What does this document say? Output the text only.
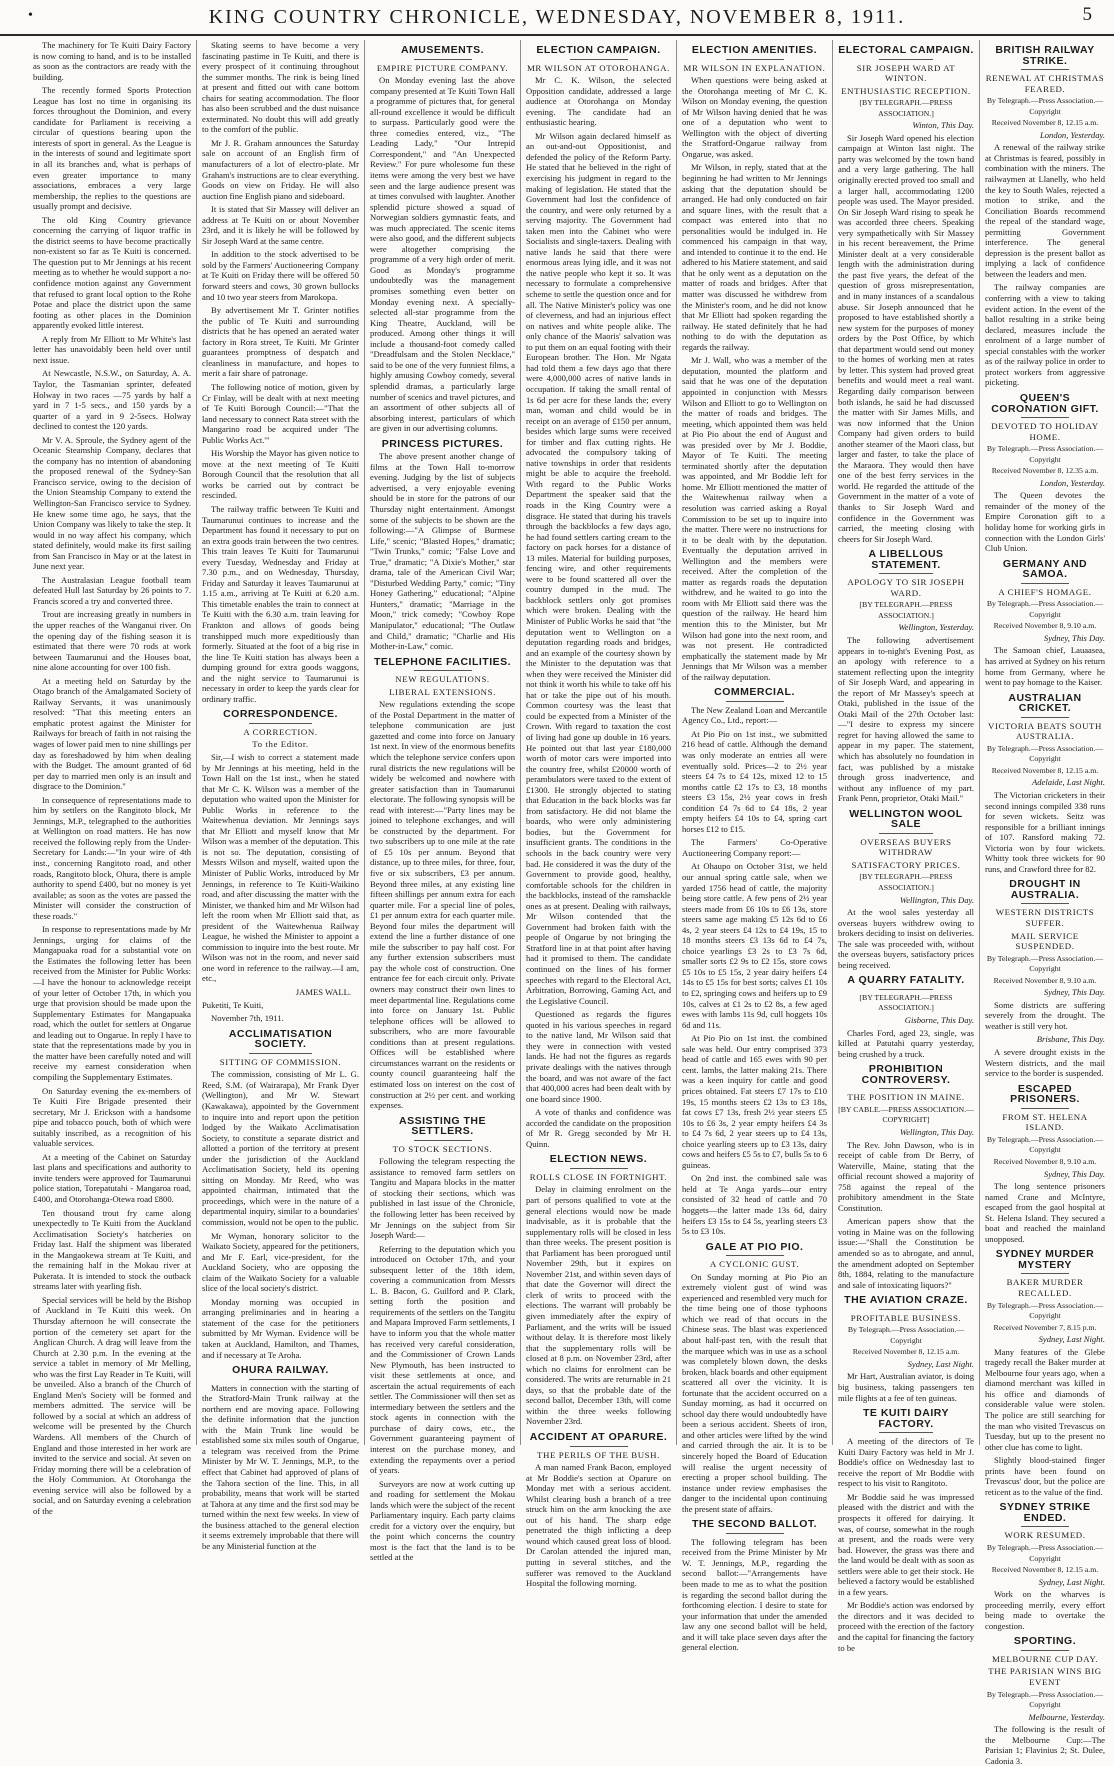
•	KING COUNTRY CHRONICLE, WEDNESDAY, NOVEMBER 8, 1911.	5

The machinery for Te Kuiti Dairy Factory is now coming to hand, and is to be installed as soon as the contractors are ready with the building.

The recently formed Sports Protection League has lost no time in organising its forces throughout the Dominion, and every candidate for Parliament is receiving a circular of questions bearing upon the interests of sport in general. As the League is in the interests of sound and legitimate sport in all its branches and, what is perhaps of even greater importance to many associations, embraces a very large membership, the replies to the questions are usually prompt and decisive.

The old King Country grievance concerning the carrying of liquor traffic in the district seems to have become practically non-existent so far as Te Kuiti is concerned. The question put to Mr Jennings at his recent meeting as to whether he would support a no-confidence motion against any Government that refused to grant local option to the Rohe Potae and place the district upon the same footing as other places in the Dominion apparently evoked little interest.

A reply from Mr Elliott to Mr White's last letter has unavoidably been held over until next issue.

At Newcastle, N.S.W., on Saturday, A. A. Taylor, the Tasmanian sprinter, defeated Holway in two races —75 yards by half a yard in 7 1-5 secs., and 150 yards by a quarter of a yard in 9 2-5secs. Holway declined to contest the 120 yards.

Mr V. A. Sproule, the Sydney agent of the Oceanic Steamship Company, declares that the company has no intention of abandoning the proposed renewal of the Sydney-San Francisco service, owing to the decision of the Union Steamship Company to extend the Wellington-San Francisco service to Sydney. He knew some time ago, he says, that the Union Company was likely to take the step. It would in no way affect his company, which stated definitely, would make its first sailing from San Francisco in May or at the latest in June next year.

The Australasian League football team defeated Hull last Saturday by 26 points to 7. Francis scored a try and converted three.

Trout are increasing greatly in numbers in the upper reaches of the Wanganui river. On the opening day of the fishing season it is estimated that there were 70 rods at work between Taumarunui and the Houses boat, nine alone accounting for over 100 fish.

At a meeting held on Saturday by the Otago branch of the Amalgamated Society of Railway Servants, it was unanimously resolved: "That this meeting enters an emphatic protest against the Minister for Railways for breach of faith in not raising the wages of lower paid men to nine shillings per day as foreshadowed by him when dealing with the Budget. The amount granted of 6d per day to married men only is an insult and disgrace to the Dominion."

In consequence of representations made to him by settlers on the Rangitoto block, Mr Jennings, M.P., telegraphed to the authorities at Wellington on road matters. He has now received the following reply from the Under-Secretary for Lands:—"In your wire of 4th inst., concerning Rangitoto road, and other roads, Rangitoto block, Ohura, there is ample authority to spend £400, but no money is yet available; as soon as the votes are passed the Minister will consider the construction of these roads."

In response to representations made by Mr Jennings, urging for claims of the Mangapuaka road for a substantial vote on the Estimates the following letter has been received from the Minister for Public Works:—I have the honour to acknowledge receipt of your letter of October 17th, in which you urge that provision should be made upon the Supplementary Estimates for Mangapuaka road, which the outlet for settlers at Ongarue and leading out to Ongarue. In reply I have to state that the representations made by you in the matter have been carefully noted and will receive my earnest consideration when compiling the Supplementary Estimates.

On Saturday evening the ex-members of Te Kuiti Fire Brigade presented their secretary, Mr J. Erickson with a handsome pipe and tobacco pouch, both of which were suitably inscribed, as a recognition of his valuable services.

At a meeting of the Cabinet on Saturday last plans and specifications and authority to invite tenders were approved for Taumarunui police station, Torepatutahi - Mangaroa road, £400, and Otorohanga-Otewa road £800.

Ten thousand trout fry came along unexpectedly to Te Kuiti from the Auckland Acclimatisation Society's hatcheries on Friday last. Half the shipment was liberated in the Mangaokewa stream at Te Kuiti, and the remaining half in the Mokau river at Pukerata. It is intended to stock the outback streams later with yearling fish.

Special services will be held by the Bishop of Auckland in Te Kuiti this week. On Thursday afternoon he will consecrate the portion of the cemetery set apart for the Anglican Church. A drag will leave from the Church at 2.30 p.m. In the evening at the service a tablet in memory of Mr Melling, who was the first Lay Reader in Te Kuiti, will be unveiled. Also a branch of the Church of England Men's Society will be formed and members admitted. The service will be followed by a social at which an address of welcome will be presented by the Church Wardens. All members of the Church of England and those interested in her work are invited to the service and social. At seven on Friday morning there will be a celebration of the Holy Communion. At Otorohanga the evening service will also be followed by a social, and on Saturday evening a celebration of the

Skating seems to have become a very fascinating pastime in Te Kuiti, and there is every prospect of it continuing throughout the summer months. The rink is being lined at present and fitted out with cane bottom chairs for seating accommodation. The floor has also been scrubbed and the dust nuisance exterminated. No doubt this will add greatly to the comfort of the public.

Mr J. R. Graham announces the Saturday sale on account of an English firm of manufacturers of a lot of electro-plate. Mr Graham's instructions are to clear everything. Goods on view on Friday. He will also auction fine English piano and sideboard.

It is stated that Sir Massey will deliver an address at Te Kuiti on or about November 23rd, and it is likely he will be followed by Sir Joseph Ward at the same centre.

In addition to the stock advertised to be sold by the Farmers' Auctioneering Company at Te Kuiti on Friday there will be offered 50 forward steers and cows, 30 grown bullocks and 10 two year steers from Marokopa.

By advertisement Mr T. Grinter notifies the public of Te Kuiti and surrounding districts that he has opened an aerated water factory in Rora street, Te Kuiti. Mr Grinter guarantees promptness of despatch and cleanliness in manufacture, and hopes to merit a fair share of patronage.

The following notice of motion, given by Cr Finlay, will be dealt with at next meeting of Te Kuiti Borough Council:—"That the land necessary to connect Rata street with the Mangarino road be acquired under 'The Public Works Act.'"

His Worship the Mayor has given notice to move at the next meeting of Te Kuiti Borough Council that the resolution that all works be carried out by contract be rescinded.

The railway traffic between Te Kuiti and Taumarunui continues to increase and the Department has found it necessary to put on an extra goods train between the two centres. This train leaves Te Kuiti for Taumarunui every Tuesday, Wednesday and Friday at 7.30 p.m., and on Wednesday, Thursday, Friday and Saturday it leaves Taumarunui at 1.15 a.m., arriving at Te Kuiti at 6.20 a.m. This timetable enables the train to connect at Te Kuiti with the 6.30 a.m. train leaving for Frankton and allows of goods being transhipped much more expeditiously than formerly. Situated at the foot of a big rise in the line Te Kuiti station has always been a dumping ground for extra goods waggons, and the night service to Taumarunui is necessary in order to keep the yards clear for ordinary traffic.

CORRESPONDENCE.
A CORRECTION.
To the Editor.

Sir,—I wish to correct a statement made by Mr Jennings at his meeting, held in the Town Hall on the 1st inst., when he stated that Mr C. K. Wilson was a member of the deputation who waited upon the Minister for Public Works in reference to the Waitewhenua deviation. Mr Jennings says that Mr Elliott and myself know that Mr Wilson was a member of the deputation. This is not so. The deputation, consisting of Messrs Wilson and myself, waited upon the Minister of Public Works, introduced by Mr Jennings, in reference to Te Kuiti-Waikino road, and after discussing the matter with the Minister, we thanked him and Mr Wilson had left the room when Mr Elliott said that, as president of the Waitewhenua Railway League, he wished the Minister to appoint a commission to inquire into the best route. Mr Wilson was not in the room, and never said one word in reference to the railway.—I am, etc.,

JAMES WALL.

Puketiti, Te Kuiti,

November 7th, 1911.

ACCLIMATISATION SOCIETY.
SITTING OF COMMISSION.

The commission, consisting of Mr L. G. Reed, S.M. (of Wairarapa), Mr Frank Dyer (Wellington), and Mr W. Stewart (Kawakawa), appointed by the Government to inquire into and report upon the petition lodged by the Waikato Acclimatisation Society, to constitute a separate district and allotted a portion of the territory at present under the jurisdiction of the Auckland Acclimatisation Society, held its opening sitting on Monday. Mr Reed, who was appointed chairman, intimated that the proceedings, which were in the nature of a departmental inquiry, similar to a boundaries' commission, would not be open to the public.

Mr Wyman, honorary solicitor to the Waikato Society, appeared for the petitioners, and Mr F. Earl, vice-president, for the Auckland Society, who are opposing the claim of the Waikato Society for a valuable slice of the local society's district.

Monday morning was occupied in arranging preliminaries and in hearing a statement of the case for the petitioners submitted by Mr Wyman. Evidence will be taken at Auckland, Hamilton, and Thames, and if necessary at Te Aroha.

OHURA RAILWAY.

Matters in connection with the starting of the Stratford-Main Trunk railway at the northern end are moving apace. Following the definite information that the junction with the Main Trunk line would be established some six miles south of Ongarue, a telegram was received from the Prime Minister by Mr W. T. Jennings, M.P., to the effect that Cabinet had approved of plans of the Tahora section of the line. This, in all probability, means that work will be started at Tahora at any time and the first sod may be turned within the next few weeks. In view of the business attached to the general election it seems extremely improbable that there will be any Ministerial function at the

AMUSEMENTS.
EMPIRE PICTURE COMPANY.

On Monday evening last the above company presented at Te Kuiti Town Hall a programme of pictures that, for general all-round excellence it would be difficult to surpass. Particularly good were the three comedies entered, viz., "The Leading Lady," "Our Intrepid Correspondent," and "An Unexpected Review." For pure wholesome fun these items were among the very best we have seen and the large audience present was at times convulsed with laughter. Another splendid picture showed a squad of Norwegian soldiers gymnastic feats, and was much appreciated. The scenic items were also good, and the different subjects were altogether comprising the programme of a very high order of merit. Good as Monday's programme undoubtedly was the management promises something even better on Monday evening next. A specially-selected all-star programme from the King Theatre, Auckland, will be produced. Among other things it will include a thousand-foot comedy called "Dreadfulsam and the Stolen Necklace," said to be one of the very funniest films, a highly amusing Cowboy comedy, several splendid dramas, a particularly large number of scenics and travel pictures, and an assortment of other subjects all of absorbing interest, particulars of which are given in our advertising columns.

PRINCESS PICTURES.

The above present another change of films at the Town Hall to-morrow evening. Judging by the list of subjects advertised, a very enjoyable evening should be in store for the patrons of our Thursday night entertainment. Amongst some of the subjects to be shown are the following:—"A Glimpse of Burmese Life," scenic; "Blasted Hopes," dramatic; "Twin Trunks," comic; "False Love and True," dramatic; "A Dixie's Mother," star drama, tale of the American Civil War; "Disturbed Wedding Party," comic; "Tiny Honey Gathering," educational; "Alpine Hunters," dramatic; "Marriage in the Moon," trick comedy; "Cowboy Rope Manipulator," educational; "The Outlaw and Child," dramatic; "Charlie and His Mother-in-Law," comic.

TELEPHONE FACILITIES.
NEW REGULATIONS.
LIBERAL EXTENSIONS.

New regulations extending the scope of the Postal Department in the matter of telephone communication are just gazetted and come into force on January 1st next. In view of the enormous benefits which the telephone service confers upon rural districts the new regulations will be widely be welcomed and nowhere with greater satisfaction than in Taumarunui electorate. The following synopsis will be read with interest:—"Party lines may be joined to telephone exchanges, and will be constructed by the department. For two subscribers up to one mile at the rate of £5 10s per annum. Beyond that distance, up to three miles, for three, four, five or six subscribers, £3 per annum. Beyond three miles, at any existing line fifteen shillings per annum extra for each quarter mile. For a special line of poles, £1 per annum extra for each quarter mile. Beyond four miles the department will extend the line a further distance of one mile the subscriber to pay half cost. For any further extension subscribers must pay the whole cost of construction. One entrance fee for each circuit only. Private owners may construct their own lines to meet departmental line. Regulations come into force on January 1st. Public telephone offices will be allowed to subscribers, who are more favourable conditions than at present regulations. Offices will be established where circumstances warrant on the residents or county council guaranteeing half the estimated loss on interest on the cost of construction at 2½ per cent. and working expenses.

ASSISTING THE SETTLERS.
TO STOCK SECTIONS.

Following the telegram respecting the assistance to removed farm settlers on Tangitu and Mapara blocks in the matter of stocking their sections, which was published in last issue of the Chronicle, the following letter has been received by Mr Jennings on the subject from Sir Joseph Ward:—

Referring to the deputation which you introduced on October 17th, and your subsequent letter of the 18th idem, covering a communication from Messrs L. B. Bacon, G. Guilford and P. Clark, setting forth the position and requirements of the settlers on the Tangitu and Mapara Improved Farm settlements, I have to inform you that the whole matter has received very careful consideration, and the Commissioner of Crown Lands New Plymouth, has been instructed to visit these settlements at once, and ascertain the actual requirements of each settler. The Commissioner will then set as intermediary between the settlers and the stock agents in connection with the purchase of dairy cows, etc., the Government guaranteeing payment of interest on the purchase money, and extending the repayments over a period of years.

Surveyors are now at work cutting up and roading for settlement the Mokau lands which were the subject of the recent Parliamentary inquiry. Each party claims credit for a victory over the enquiry, but the point which concerns the country most is the fact that the land is to be settled at the

ELECTION CAMPAIGN.
MR WILSON AT OTOROHANGA.

Mr C. K. Wilson, the selected Opposition candidate, addressed a large audience at Otorohanga on Monday evening. The candidate had an enthusiastic hearing.

Mr Wilson again declared himself as an out-and-out Oppositionist, and defended the policy of the Reform Party. He stated that he believed in the right of exercising his judgment in regard to the making of legislation. He stated that the Government had lost the confidence of the country, and were only returned by a serving majority. The Government had taken men into the Cabinet who were Socialists and single-taxers. Dealing with native lands he said that there were enormous areas lying idle, and it was not the native people who kept it so. It was necessary to formulate a comprehensive scheme to settle the question once and for all. The Native Minister's policy was one of cleverness, and had an injurious effect on natives and white people alike. The only chance of the Maoris' salvation was to put them on an equal footing with their European brother. The Hon. Mr Ngata had told them a few days ago that there were 4,000,000 acres of native lands in occupation. If taking the small rental of 1s 6d per acre for these lands the; every man, woman and child would be in receipt on an average of £150 per annum, besides which large sums were received for timber and flax cutting rights. He advocated the compulsory taking of native townships in order that residents might be able to acquire the freehold. With regard to the Public Works Department the speaker said that the roads in the King Country were a disgrace. He stated that during his travels through the backblocks a few days ago, he had found settlers carting cream to the factory on pack horses for a distance of 13 miles. Material for building purposes, fencing wire, and other requirements were to be found scattered all over the country dumped in the mud. The backblock settlers only got promises which were broken. Dealing with the Minister of Public Works he said that "the deputation went to Wellington on a deputation regarding roads and bridges, and an example of the courtesy shown by the Minister to the deputation was that when they were received the Minister did not think it worth his while to take off his hat or take the pipe out of his mouth. Common courtesy was the least that could be expected from a Minister of the Crown. With regard to taxation the cost of living had gone up double in 16 years. He pointed out that last year £180,000 worth of motor cars were imported into the country free, whilst £20000 worth of perambulators were taxed to the extent of £1300. He strongly objected to stating that Education in the back blocks was far from satisfactory. He did not blame the boards, who were only administering bodies, but the Government for insufficient grants. The conditions in the schools in the back country were very bad. He considered it was the duty of the Government to provide good, healthy, comfortable schools for the children in the backblocks, instead of the ramshackle ones as at present. Dealing with railways, Mr Wilson contended that the Government had broken faith with the people of Ongarue by not bringing the Stratford line in at that point after having had it promised to them. The candidate continued on the lines of his former speeches with regard to the Electoral Act, Arbitration, Borrowing, Gaming Act, and the Legislative Council.

Questioned as regards the figures quoted in his various speeches in regard to the native land, Mr Wilson said that they were in connection with vested lands. He had not the figures as regards private dealings with the natives through the board, and was not aware of the fact that 400,000 acres had been dealt with by one board since 1900.

A vote of thanks and confidence was accorded the candidate on the proposition of Mr R. Gregg seconded by Mr H. Quinn.

ELECTION NEWS.
ROLLS CLOSE IN FORTNIGHT.

Delay in claiming enrolment on the part of persons qualified to vote at the general elections would now be made inadvisable, as it is probable that the supplementary rolls will be closed in less than three weeks. The present position is that Parliament has been prorogued until November 29th, but it expires on November 21st, and within seven days of that date the Governor will direct the clerk of writs to proceed with the elections. The warrant will probably be given immediately after the expiry of Parliament, and the writs will be issued without delay. It is therefore most likely that the supplementary rolls will be closed at 8 p.m. on November 23rd, after which no claims for enrolment can be considered. The writs are returnable in 21 days, so that the probable date of the second ballot, December 13th, will come within the three weeks following November 23rd.

ACCIDENT AT OPARURE.
THE PERILS OF THE BUSH.

A man named Frank Bacon, employed at Mr Boddie's section at Oparure on Monday met with a serious accident. Whilst clearing bush a branch of a tree struck him on the arm knocking the axe out of his hand. The sharp edge penetrated the thigh inflicting a deep wound which caused great loss of blood. Dr Carolan attended the injured man, putting in several stitches, and the sufferer was removed to the Auckland Hospital the following morning.

ELECTION AMENITIES.
MR WILSON IN EXPLANATION.

When questions were being asked at the Otorohanga meeting of Mr C. K. Wilson on Monday evening, the question of Mr Wilson having denied that he was one of a deputation who went to Wellington with the object of diverting the Stratford-Ongarue railway from Ongarue, was asked.

Mr Wilson, in reply, stated that at the beginning he had written to Mr Jennings asking that the deputation should be arranged. He had only conducted on fair and square lines, with the result that a compact was entered into that no personalities would be indulged in. He commenced his campaign in that way, and intended to continue it to the end. He adhered to his Matiere statement, and said that he only went as a deputation on the matter of roads and bridges. After that matter was discussed he withdrew from the Minister's room, and he did not know that Mr Elliott had spoken regarding the railway. He stated definitely that he had nothing to do with the deputation as regards the railway.

Mr J. Wall, who was a member of the deputation, mounted the platform and said that he was one of the deputation appointed in conjunction with Messrs Wilson and Elliott to go to Wellington on the matter of roads and bridges. The meeting, which appointed them was held at Pio Pio about the end of August and was presided over by Mr J. Boddie, Mayor of Te Kuiti. The meeting terminated shortly after the deputation was appointed, and Mr Boddie left for home. Mr Elliott mentioned the matter of the Waitewhenua railway when a resolution was carried asking a Royal Commission to be set up to inquire into the matter. There were no instructions for it to be dealt with by the deputation. Eventually the deputation arrived in Wellington and the members were received. After the completion of the matter as regards roads the deputation withdrew, and he waited to go into the room with Mr Elliott said there was the question of the railway. He heard him mention this to the Minister, but Mr Wilson had gone into the next room, and was not present. He contradicted emphatically the statement made by Mr Jennings that Mr Wilson was a member of the railway deputation.

COMMERCIAL.

The New Zealand Loan and Mercantile Agency Co., Ltd., report:—

At Pio Pio on 1st inst., we submitted 216 head of cattle. Although the demand was only moderate an entries all were eventually sold. Prices—2 to 2½ year steers £4 7s to £4 12s, mixed 12 to 15 months cattle £2 17s to £3, 18 months steers £3 15s, 2½ year cows in fresh condition £4 7s 6d to £4 18s, 2 year empty heifers £4 10s to £4, spring cart horses £12 to £15.

The Farmers' Co-Operative Auctioneering Company report:—

At Ohaupo on October 31st, we held our annual spring cattle sale, when we yarded 1756 head of cattle, the majority being store cattle. A few pens of 2½ year steers made from £6 10s to £6 13s, store steers same age making £5 12s 6d to £6 4s, 2 year steers £4 12s to £4 19s, 15 to 18 months steers £3 13s 6d to £4 7s, choice yearlings £3 2s to £3 7s 6d, smaller sorts £2 9s to £2 15s, store cows £5 10s to £5 15s, 2 year dairy heifers £4 14s to £5 15s for best sorts; calves £1 10s to £2, springing cows and heifers up to £9 10s, calves at £1 2s to £2 8s, a few aged ewes with lambs 11s 9d, cull hoggets 10s 6d and 11s.

At Pio Pio on 1st inst. the combined sale was held. Our entry comprised 373 head of cattle and 165 ewes with 90 per cent. lambs, the latter making 21s. There was a keen inquiry for cattle and good prices obtained. Fat steers £7 17s to £10 19s, 15 months steers £2 13s to £3 18s, fat cows £7 13s, fresh 2½ year steers £5 10s to £6 3s, 2 year empty heifers £4 3s to £4 7s 6d, 2 year steers up to £4 13s, choice yearling steers up to £3 13s, dairy cows and heifers £5 5s to £7, bulls 5s to 6 guineas.

On 2nd inst. the combined sale was held at Te Anga yards—our entry consisted of 32 head of cattle and 70 hoggets—the latter made 13s 6d, dairy heifers £3 15s to £4 5s, yearling steers £3 5s to £3 10s.

GALE AT PIO PIO.
A CYCLONIC GUST.

On Sunday morning at Pio Pio an extremely violent gust of wind was experienced and resembled very much for the time being one of those typhoons which we read of that occurs in the Chinese seas. The blast was experienced about half-past ten, with the result that the marquee which was in use as a school was completely blown down, the desks broken, black boards and other equipment scattered all over the vicinity. It is fortunate that the accident occurred on a Sunday morning, as had it occurred on school day there would undoubtedly have been a serious accident. Sheets of iron, and other articles were lifted by the wind and carried through the air. It is to be sincerely hoped the Board of Education will realise the urgent necessity of erecting a proper school building. The instance under review emphasises the danger to the incidental upon continuing the present state of affairs.

THE SECOND BALLOT.

The following telegram has been received from the Prime Minister by Mr W. T. Jennings, M.P., regarding the second ballot:—"Arrangements have been made to me as to what the position is regarding the second ballot during the forthcoming election. I desire to state for your information that under the amended law any one second ballot will be held, and it will take place seven days after the general election.

ELECTORAL CAMPAIGN.
SIR JOSEPH WARD AT WINTON.
ENTHUSIASTIC RECEPTION.
[BY TELEGRAPH.—PRESS ASSOCIATION.]
Winton, This Day.

Sir Joseph Ward opened his election campaign at Winton last night. The party was welcomed by the town band and a very large gathering. The hall originally erected proved too small and a larger hall, accommodating 1200 people was used. The Mayor presided. On Sir Joseph Ward rising to speak he was accorded three cheers. Speaking very sympathetically with Sir Massey in his recent bereavement, the Prime Minister dealt at a very considerable length with the administration during the past five years, the defeat of the question of gross misrepresentation, and in many instances of a scandalous abuse. Sir Joseph announced that he proposed to have established shortly a new system for the purposes of money orders by the Post Office, by which that department would send out money to the homes of working men at rates by letter. This system had proved great benefits and would meet a real want. Regarding daily comparison between both islands, he said he had discussed the matter with Sir James Mills, and was now informed that the Union Company had given orders to build another steamer of the Maori class, but larger and faster, to take the place of the Maraora. They would then have one of the best ferry services in the world. He regarded the attitude of the Government in the matter of a vote of thanks to Sir Joseph Ward and confidence in the Government was carried, the meeting closing with cheers for Sir Joseph Ward.

A LIBELLOUS STATEMENT.
APOLOGY TO SIR JOSEPH WARD.
[BY TELEGRAPH.—PRESS ASSOCIATION.]
Wellington, Yesterday.

The following advertisement appears in to-night's Evening Post, as an apology with reference to a statement reflecting upon the integrity of Sir Joseph Ward, and appearing in the report of Mr Massey's speech at Otaki, published in the issue of the Otaki Mail of the 27th October last:—"I desire to express my sincere regret for having allowed the same to appear in my paper. The statement, which has absolutely no foundation in fact, was published by a mistake through gross inadvertence, and without any influence of my part. Frank Penn, proprietor, Otaki Mail."

WELLINGTON WOOL SALE
OVERSEAS BUYERS WITHDRAW
SATISFACTORY PRICES.
[BY TELEGRAPH.—PRESS ASSOCIATION.]
Wellington, This Day.

At the wool sales yesterday all overseas buyers withdrew owing to brokers deciding to insist on deliveries. The sale was proceeded with, without the overseas buyers, satisfactory prices being received.

A QUARRY FATALITY.
[BY TELEGRAPH.—PRESS ASSOCIATION.]
Gisborne, This Day.

Charles Ford, aged 23, single, was killed at Patutahi quarry yesterday, being crushed by a truck.

PROHIBITION CONTROVERSY.
THE POSITION IN MAINE.
[BY CABLE.—PRESS ASSOCIATION.—COPYRIGHT]
Wellington, This Day.

The Rev. John Dawson, who is in receipt of cable from Dr Berry, of Waterville, Maine, stating that the official recount showed a majority of 758 against the repeal of the prohibitory amendment in the State Constitution.

American papers show that the voting in Maine was on the following issue:—"Shall the Constitution be amended so as to abrogate, and annul, the amendment adopted on September 8th, 1884, relating to the manufacture and sale of intoxicating liquors?"

THE AVIATION CRAZE.
PROFITABLE BUSINESS.
By Telegraph.—Press Association.—Copyright
Received November 8, 12.15 a.m.
Sydney, Last Night.

Mr Hart, Australian aviator, is doing big business, taking passengers ten mile flights at a fee of ten guineas.

TE KUITI DAIRY FACTORY.

A meeting of the directors of Te Kuiti Dairy Factory was held in Mr J. Boddie's office on Wednesday last to receive the report of Mr Boddie with respect to his visit to Rangitoto.

Mr Boddie said he was impressed pleased with the district and with the prospects it offered for dairying. It was, of course, somewhat in the rough at present, and the roads were very bad. However, the grass was there and the land would be dealt with as soon as settlers were able to get their stock. He believed a factory would be established in a few years.

Mr Boddie's action was endorsed by the directors and it was decided to proceed with the erection of the factory and the capital for financing the factory to be

BRITISH RAILWAY STRIKE.
RENEWAL AT CHRISTMAS FEARED.
By Telegraph.—Press Association.—Copyright
Received November 8, 12.15 a.m.
London, Yesterday.

A renewal of the railway strike at Christmas is feared, possibly in combination with the miners. The railwaymen at Llanelly, who held the key to South Wales, rejected a motion to strike, and the Conciliation Boards recommend the repeal of the standard wage, permitting Government interference. The general depression is the present ballot as implying a lack of confidence between the leaders and men.

The railway companies are conferring with a view to taking evident action. In the event of the ballot resulting in a strike being declared, measures include the enrolment of a large number of special constables with the worker as of the railway police in order to protect workers from aggressive picketing.

QUEEN'S CORONATION GIFT.
DEVOTED TO HOLIDAY HOME.
By Telegraph.—Press Association.—Copyright
Received November 8, 12.35 a.m.
London, Yesterday.

The Queen devotes the remainder of the money of the Empire Coronation gift to a holiday home for working girls in connection with the London Girls' Club Union.

GERMANY AND SAMOA.
A CHIEF'S HOMAGE.
By Telegraph.—Press Association.—Copyright
Received November 8, 9.10 a.m.
Sydney, This Day.

The Samoan chief, Lauaasea, has arrived at Sydney on his return home from Germany, where he went to pay homage to the Kaiser.

AUSTRALIAN CRICKET.
VICTORIA BEATS SOUTH AUSTRALIA.
By Telegraph.—Press Association.—Copyright
Received November 8, 12.15 a.m.
Adelaide, Last Night.

The Victorian cricketers in their second innings compiled 338 runs for seven wickets. Seitz was responsible for a brilliant innings of 107. Ransford making 72. Victoria won by four wickets. Whitty took three wickets for 90 runs, and Crawford three for 82.

DROUGHT IN AUSTRALIA.
WESTERN DISTRICTS SUFFER.
MAIL SERVICE SUSPENDED.
By Telegraph.—Press Association.—Copyright
Received November 8, 9.10 a.m.
Sydney, This Day.

Some districts are suffering severely from the drought. The weather is still very hot.

Brisbane, This Day.

A severe drought exists in the Western districts, and the mail service to the border is suspended.

ESCAPED PRISONERS.
FROM ST. HELENA ISLAND.
By Telegraph.—Press Association.—Copyright
Received November 8, 9.10 a.m.
Sydney, This Day.

The long sentence prisoners named Crane and McIntyre, escaped from the gaol hospital at St. Helena Island. They secured a boat and reached the mainland unopposed.

SYDNEY MURDER MYSTERY
BAKER MURDER RECALLED.
By Telegraph.—Press Association.—Copyright
Received November 7, 8.15 p.m.
Sydney, Last Night.

Many features of the Glebe tragedy recall the Baker murder at Melbourne four years ago, when a diamond merchant was killed in his office and diamonds of considerable value were stolen. The police are still searching for the man who visited Trevascus on Tuesday, but up to the present no other clue has come to light.

Slightly blood-stained finger prints have been found on Trevascus' door, but the police are reticent as to the value of the find.

SYDNEY STRIKE ENDED.
WORK RESUMED.
By Telegraph.—Press Association.—Copyright
Received November 8, 12.15 a.m.
Sydney, Last Night.

Work on the wharves is proceeding merrily, every effort being made to overtake the congestion.

SPORTING.
MELBOURNE CUP DAY.
THE PARISIAN WINS BIG EVENT
By Telegraph.—Press Association.—Copyright
Melbourne, Yesterday.

The following is the result of the Melbourne Cup:—The Parisian 1; Flavinius 2; St. Dulee, Cadonia 3.
